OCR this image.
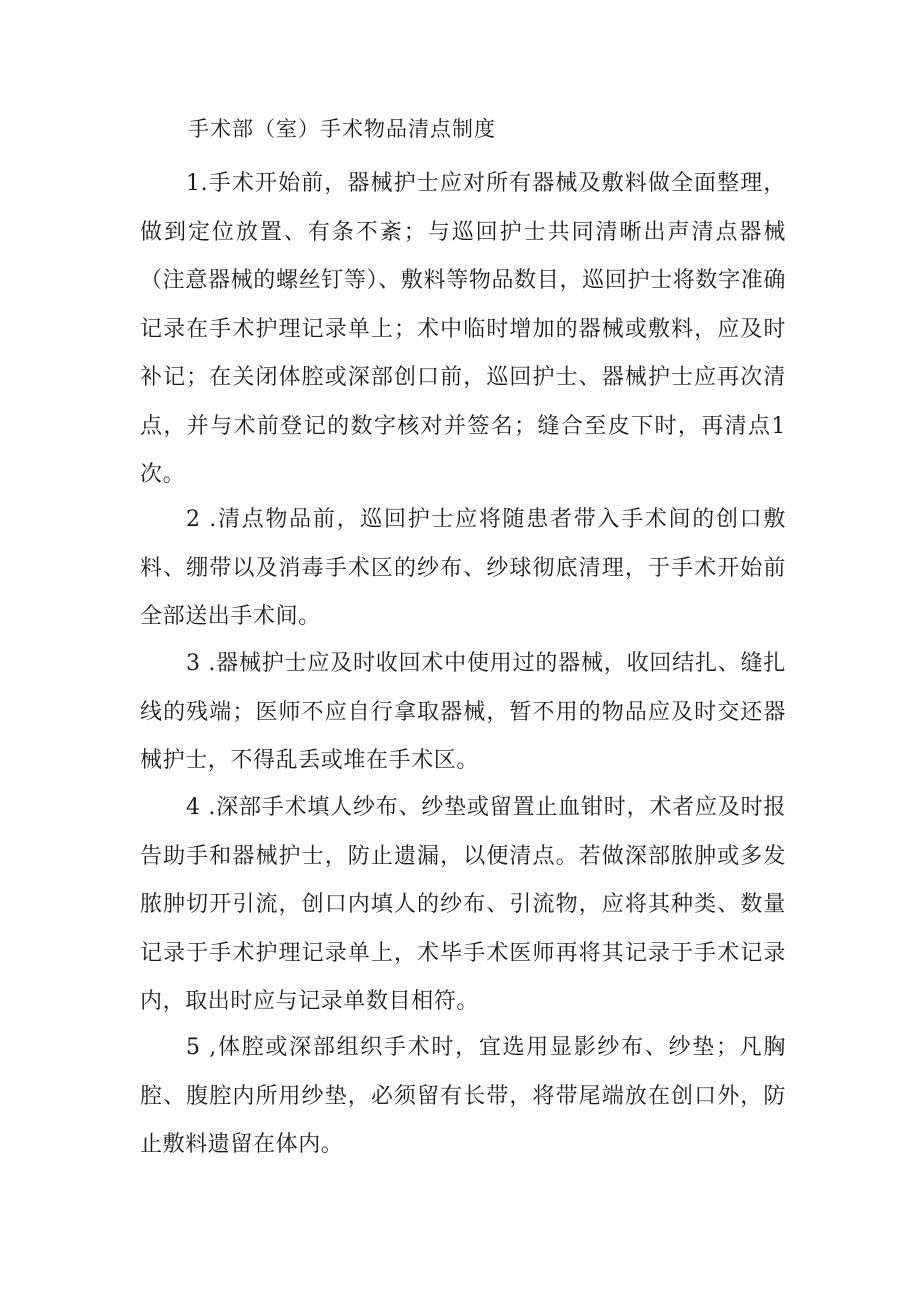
手术部（室）手术物品清点制度

1.手术开始前，器械护士应对所有器械及敷料做全面整理，做到定位放置、有条不紊；与巡回护士共同清晰出声清点器械（注意器械的螺丝钉等）、敷料等物品数目，巡回护士将数字准确记录在手术护理记录单上；术中临时增加的器械或敷料，应及时补记；在关闭体腔或深部创口前，巡回护士、器械护士应再次清点，并与术前登记的数字核对并签名；缝合至皮下时，再清点1次。

2 .清点物品前，巡回护士应将随患者带入手术间的创口敷料、绷带以及消毒手术区的纱布、纱球彻底清理，于手术开始前全部送出手术间。

3 .器械护士应及时收回术中使用过的器械，收回结扎、缝扎线的残端；医师不应自行拿取器械，暂不用的物品应及时交还器械护士，不得乱丢或堆在手术区。

4 .深部手术填人纱布、纱垫或留置止血钳时，术者应及时报告助手和器械护士，防止遗漏，以便清点。若做深部脓肿或多发脓肿切开引流，创口内填人的纱布、引流物，应将其种类、数量记录于手术护理记录单上，术毕手术医师再将其记录于手术记录内，取出时应与记录单数目相符。

5 ,体腔或深部组织手术时，宜选用显影纱布、纱垫；凡胸腔、腹腔内所用纱垫，必须留有长带，将带尾端放在创口外，防止敷料遗留在体内。
